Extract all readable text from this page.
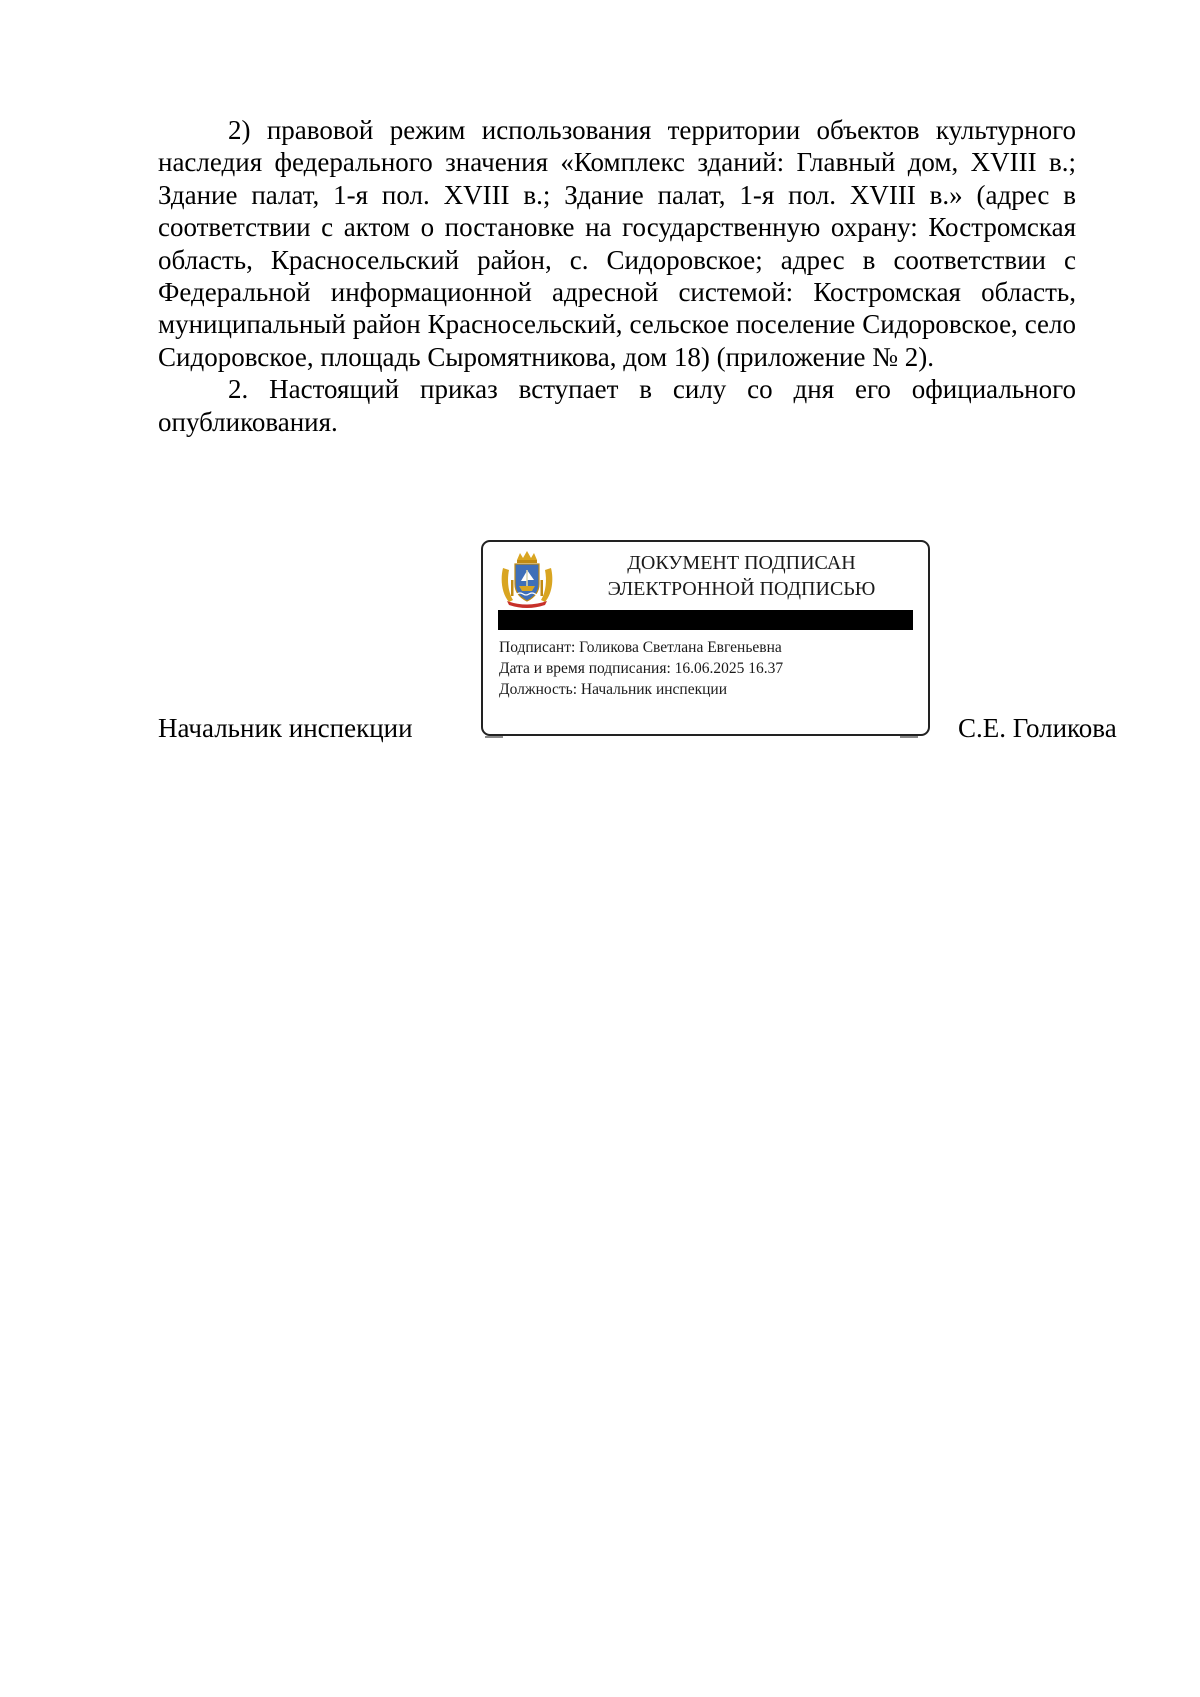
2) правовой режим использования территории объектов культурного наследия федерального значения «Комплекс зданий: Главный дом, XVIII в.; Здание палат, 1-я пол. XVIII в.; Здание палат, 1-я пол. XVIII в.» (адрес в соответствии с актом о постановке на государственную охрану: Костромская область, Красносельский район, с. Сидоровское; адрес в соответствии с Федеральной информационной адресной системой: Костромская область, муниципальный район Красносельский, сельское поселение Сидоровское, село Сидоровское, площадь Сыромятникова, дом 18) (приложение № 2).

2. Настоящий приказ вступает в силу со дня его официального опубликования.

Начальник инспекции
ДОКУМЕНТ ПОДПИСАН
ЭЛЕКТРОННОЙ ПОДПИСЬЮ
Подписант: Голикова Светлана Евгеньевна
Дата и время подписания: 16.06.2025 16.37
Должность: Начальник инспекции
С.Е. Голикова
